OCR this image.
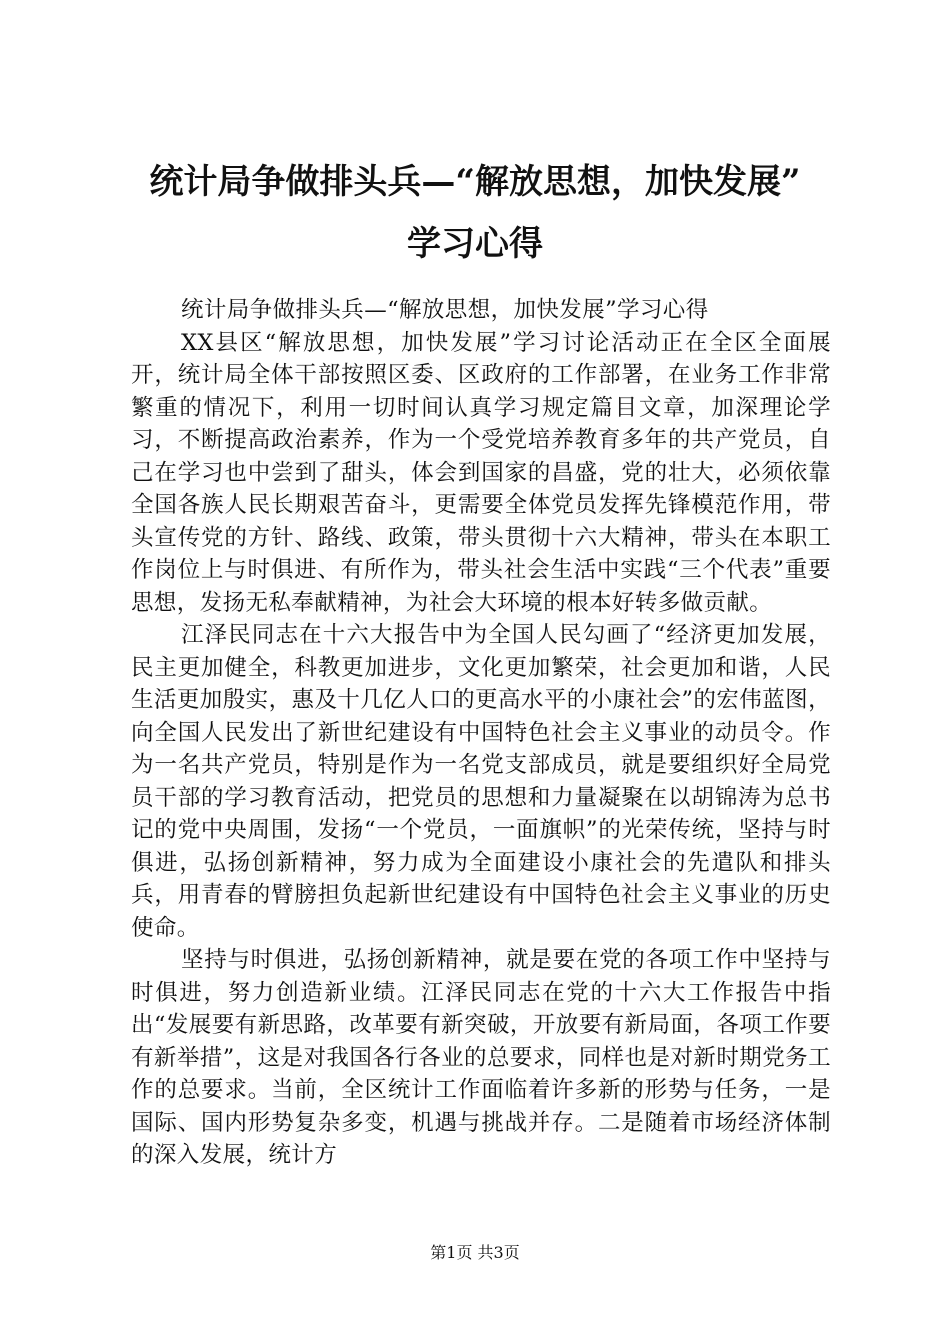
统计局争做排头兵—“解放思想，加快发展”
学习心得

统计局争做排头兵—“解放思想，加快发展”学习心得

XX县区“解放思想，加快发展”学习讨论活动正在全区全面展开，统计局全体干部按照区委、区政府的工作部署，在业务工作非常繁重的情况下，利用一切时间认真学习规定篇目文章，加深理论学习，不断提高政治素养，作为一个受党培养教育多年的共产党员，自己在学习也中尝到了甜头，体会到国家的昌盛，党的壮大，必须依靠全国各族人民长期艰苦奋斗，更需要全体党员发挥先锋模范作用，带头宣传党的方针、路线、政策，带头贯彻十六大精神，带头在本职工作岗位上与时俱进、有所作为，带头社会生活中实践“三个代表”重要思想，发扬无私奉献精神，为社会大环境的根本好转多做贡献。

江泽民同志在十六大报告中为全国人民勾画了“经济更加发展，民主更加健全，科教更加进步，文化更加繁荣，社会更加和谐，人民生活更加殷实，惠及十几亿人口的更高水平的小康社会”的宏伟蓝图，向全国人民发出了新世纪建设有中国特色社会主义事业的动员令。作为一名共产党员，特别是作为一名党支部成员，就是要组织好全局党员干部的学习教育活动，把党员的思想和力量凝聚在以胡锦涛为总书记的党中央周围，发扬“一个党员，一面旗帜”的光荣传统，坚持与时俱进，弘扬创新精神，努力成为全面建设小康社会的先遣队和排头兵，用青春的臂膀担负起新世纪建设有中国特色社会主义事业的历史使命。

坚持与时俱进，弘扬创新精神，就是要在党的各项工作中坚持与时俱进，努力创造新业绩。江泽民同志在党的十六大工作报告中指出“发展要有新思路，改革要有新突破，开放要有新局面，各项工作要有新举措”，这是对我国各行各业的总要求，同样也是对新时期党务工作的总要求。当前，全区统计工作面临着许多新的形势与任务，一是国际、国内形势复杂多变，机遇与挑战并存。二是随着市场经济体制的深入发展，统计方

第1页 共3页
